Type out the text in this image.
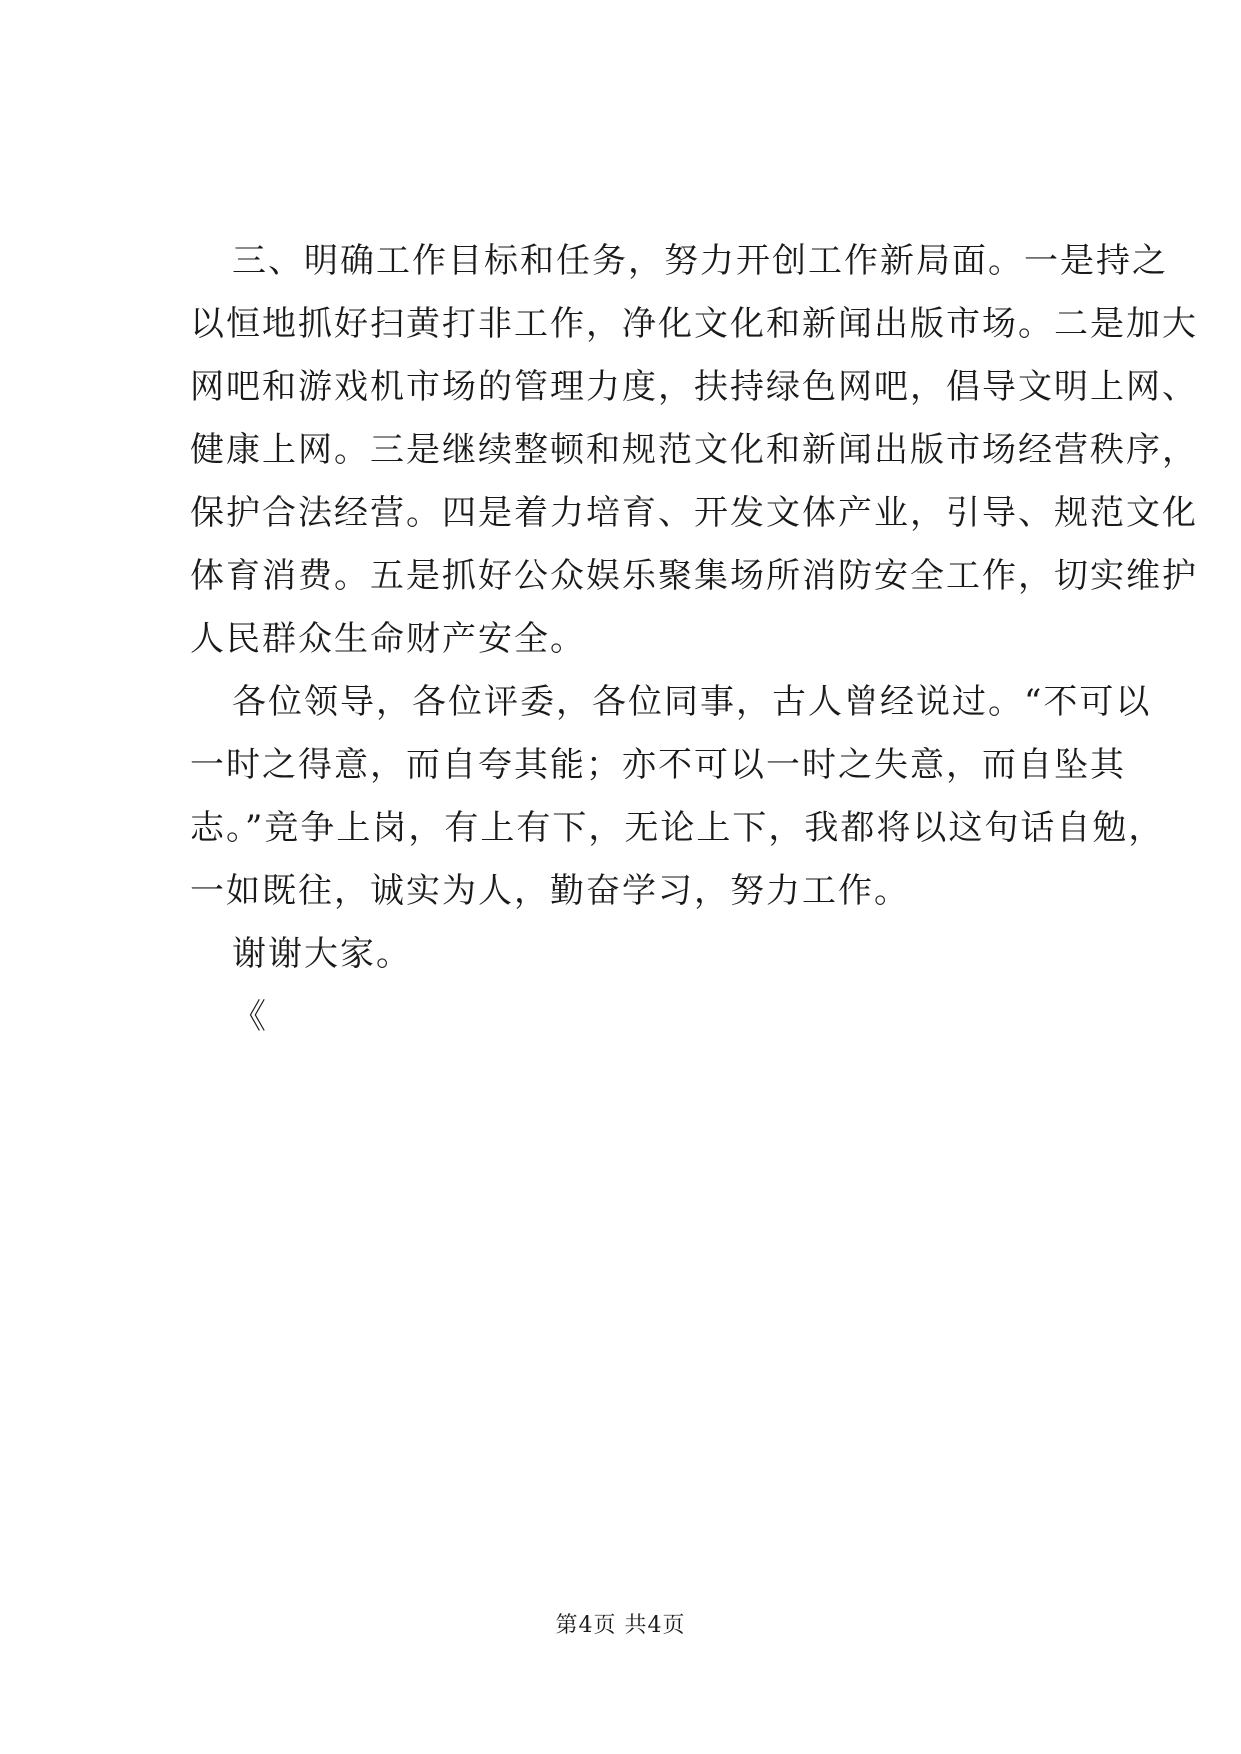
三、明确工作目标和任务，努力开创工作新局面。一是持之
以恒地抓好扫黄打非工作，净化文化和新闻出版市场。二是加大
网吧和游戏机市场的管理力度，扶持绿色网吧，倡导文明上网、
健康上网。三是继续整顿和规范文化和新闻出版市场经营秩序，
保护合法经营。四是着力培育、开发文体产业，引导、规范文化
体育消费。五是抓好公众娱乐聚集场所消防安全工作，切实维护
人民群众生命财产安全。
各位领导，各位评委，各位同事，古人曾经说过。“不可以
一时之得意，而自夸其能；亦不可以一时之失意，而自坠其
志。”竞争上岗，有上有下，无论上下，我都将以这句话自勉，
一如既往，诚实为人，勤奋学习，努力工作。
谢谢大家。
《
第4页 共4页
